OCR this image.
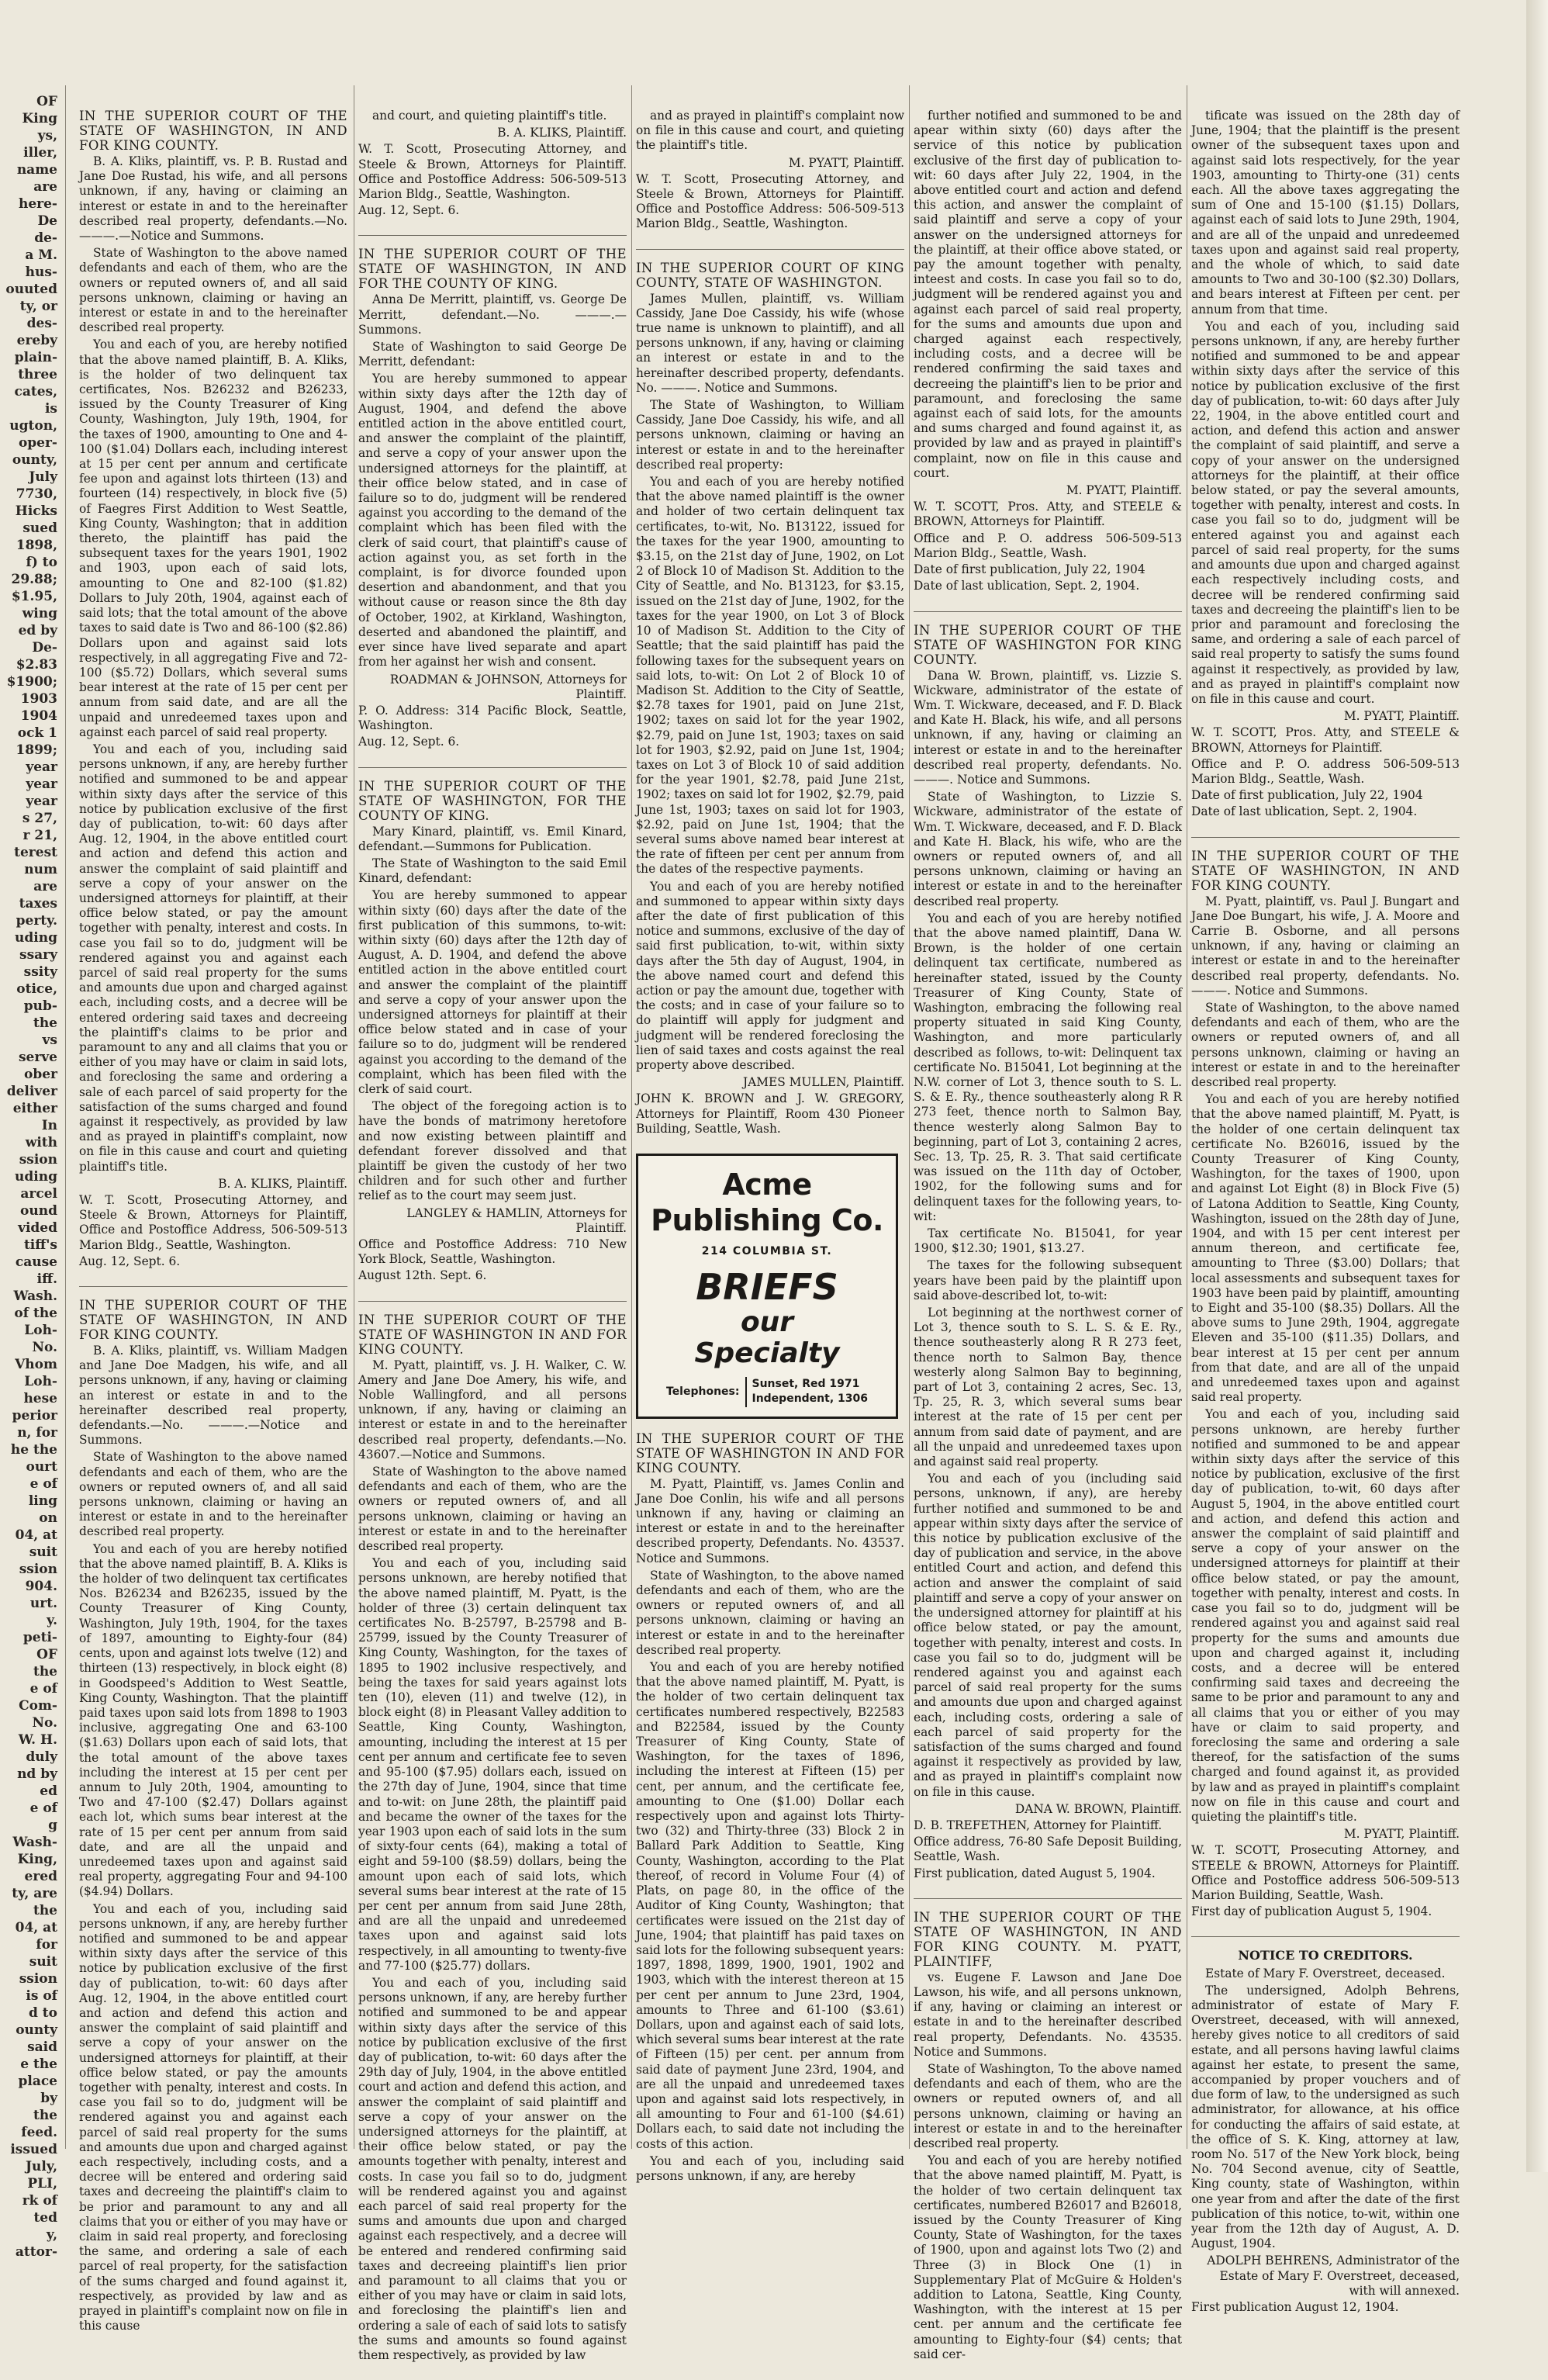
OF
King
ys,
iller,
name
are
here-
De
de-
a M.
hus-
ouuted
ty, or
des-
ereby
plain-
three
cates,
is
ugton,
oper-
ounty,
July
7730,
Hicks
sued
1898,
f) to
29.88;
$1.95,
wing
ed by
De-
$2.83
$1900;
1903
1904
ock 1
1899;
year
year
year
s 27,
r 21,
terest
num
are
taxes
perty.
uding
ssary
ssity
otice,
pub-
the
vs
serve
ober
deliver
either
In
with
ssion
uding
arcel
ound
vided
tiff's
cause
iff.
Wash.
of the
Loh-
No.
Vhom
Loh-
hese
perior
n, for
he the
ourt
e of
ling
on
04, at
suit
ssion
904.
urt.
y.
peti-
OF
the
e of
Com-
No.
W. H.
duly
nd by
ed
e of
g
Wash-
King,
ered
ty, are
the
04, at
for
suit
ssion
is of
d to
ounty
said
e the
place
by
the
feed.
issued
July,
PLI,
rk of
ted
y,
attor-
IN THE SUPERIOR COURT OF THE STATE OF WASHINGTON, IN AND FOR KING COUNTY.

B. A. Kliks, plaintiff, vs. P. B. Rustad and Jane Doe Rustad, his wife, and all persons unknown, if any, having or claiming an interest or estate in and to the hereinafter described real property, defendants.—No. ———.—Notice and Summons.

State of Washington to the above named defendants and each of them, who are the owners or reputed owners of, and all said persons unknown, claiming or having an interest or estate in and to the hereinafter described real property.

You and each of you, are hereby notified that the above named plaintiff, B. A. Kliks, is the holder of two delinquent tax certificates, Nos. B26232 and B26233, issued by the County Treasurer of King County, Washington, July 19th, 1904, for the taxes of 1900, amounting to One and 4-100 ($1.04) Dollars each, including interest at 15 per cent per annum and certificate fee upon and against lots thirteen (13) and fourteen (14) respectively, in block five (5) of Faegres First Addition to West Seattle, King County, Washington; that in addition thereto, the plaintiff has paid the subsequent taxes for the years 1901, 1902 and 1903, upon each of said lots, amounting to One and 82-100 ($1.82) Dollars to July 20th, 1904, against each of said lots; that the total amount of the above taxes to said date is Two and 86-100 ($2.86) Dollars upon and against said lots respectively, in all aggregating Five and 72-100 ($5.72) Dollars, which several sums bear interest at the rate of 15 per cent per annum from said date, and are all the unpaid and unredeemed taxes upon and against each parcel of said real property.

You and each of you, including said persons unknown, if any, are hereby further notified and summoned to be and appear within sixty days after the service of this notice by publication exclusive of the first day of publication, to-wit: 60 days after Aug. 12, 1904, in the above entitled court and action and defend this action and answer the complaint of said plaintiff and serve a copy of your answer on the undersigned attorneys for plaintiff, at their office below stated, or pay the amount together with penalty, interest and costs. In case you fail so to do, judgment will be rendered against you and against each parcel of said real property for the sums and amounts due upon and charged against each, including costs, and a decree will be entered ordering said taxes and decreeing the plaintiff's claims to be prior and paramount to any and all claims that you or either of you may have or claim in said lots, and foreclosing the same and ordering a sale of each parcel of said property for the satisfaction of the sums charged and found against it respectively, as provided by law and as prayed in plaintiff's complaint, now on file in this cause and court and quieting plaintiff's title.

B. A. KLIKS, Plaintiff.

W. T. Scott, Prosecuting Attorney, and Steele & Brown, Attorneys for Plaintiff, Office and Postoffice Address, 506-509-513 Marion Bldg., Seattle, Washington.

Aug. 12, Sept. 6.

IN THE SUPERIOR COURT OF THE STATE OF WASHINGTON, IN AND FOR KING COUNTY.

B. A. Kliks, plaintiff, vs. William Madgen and Jane Doe Madgen, his wife, and all persons unknown, if any, having or claiming an interest or estate in and to the hereinafter described real property, defendants.—No. ———.—Notice and Summons.

State of Washington to the above named defendants and each of them, who are the owners or reputed owners of, and all said persons unknown, claiming or having an interest or estate in and to the hereinafter described real property.

You and each of you are hereby notified that the above named plaintiff, B. A. Kliks is the holder of two delinquent tax certificates Nos. B26234 and B26235, issued by the County Treasurer of King County, Washington, July 19th, 1904, for the taxes of 1897, amounting to Eighty-four (84) cents, upon and against lots twelve (12) and thirteen (13) respectively, in block eight (8) in Goodspeed's Addition to West Seattle, King County, Washington. That the plaintiff paid taxes upon said lots from 1898 to 1903 inclusive, aggregating One and 63-100 ($1.63) Dollars upon each of said lots, that the total amount of the above taxes including the interest at 15 per cent per annum to July 20th, 1904, amounting to Two and 47-100 ($2.47) Dollars against each lot, which sums bear interest at the rate of 15 per cent per annum from said date, and are all the unpaid and unredeemed taxes upon and against said real property, aggregating Four and 94-100 ($4.94) Dollars.

You and each of you, including said persons unknown, if any, are hereby further notified and summoned to be and appear within sixty days after the service of this notice by publication exclusive of the first day of publication, to-wit: 60 days after Aug. 12, 1904, in the above entitled court and action and defend this action and answer the complaint of said plaintiff and serve a copy of your answer on the undersigned attorneys for plaintiff, at their office below stated, or pay the amounts together with penalty, interest and costs. In case you fail so to do, judgment will be rendered against you and against each parcel of said real property for the sums and amounts due upon and charged against each respectively, including costs, and a decree will be entered and ordering said taxes and decreeing the plaintiff's claim to be prior and paramount to any and all claims that you or either of you may have or claim in said real property, and foreclosing the same, and ordering a sale of each parcel of real property, for the satisfaction of the sums charged and found against it, respectively, as provided by law and as prayed in plaintiff's complaint now on file in this cause

and court, and quieting plaintiff's title.

B. A. KLIKS, Plaintiff.

W. T. Scott, Prosecuting Attorney, and Steele & Brown, Attorneys for Plaintiff. Office and Postoffice Address: 506-509-513 Marion Bldg., Seattle, Washington.

Aug. 12, Sept. 6.

IN THE SUPERIOR COURT OF THE STATE OF WASHINGTON, IN AND FOR THE COUNTY OF KING.

Anna De Merritt, plaintiff, vs. George De Merritt, defendant.—No. ———.—Summons.

State of Washington to said George De Merritt, defendant:

You are hereby summoned to appear within sixty days after the 12th day of August, 1904, and defend the above entitled action in the above entitled court, and answer the complaint of the plaintiff, and serve a copy of your answer upon the undersigned attorneys for the plaintiff, at their office below stated, and in case of failure so to do, judgment will be rendered against you according to the demand of the complaint which has been filed with the clerk of said court, that plaintiff's cause of action against you, as set forth in the complaint, is for divorce founded upon desertion and abandonment, and that you without cause or reason since the 8th day of October, 1902, at Kirkland, Washington, deserted and abandoned the plaintiff, and ever since have lived separate and apart from her against her wish and consent.

ROADMAN & JOHNSON, Attorneys for Plaintiff.

P. O. Address: 314 Pacific Block, Seattle, Washington.

Aug. 12, Sept. 6.

IN THE SUPERIOR COURT OF THE STATE OF WASHINGTON, FOR THE COUNTY OF KING.

Mary Kinard, plaintiff, vs. Emil Kinard, defendant.—Summons for Publication.

The State of Washington to the said Emil Kinard, defendant:

You are hereby summoned to appear within sixty (60) days after the date of the first publication of this summons, to-wit: within sixty (60) days after the 12th day of August, A. D. 1904, and defend the above entitled action in the above entitled court and answer the complaint of the plaintiff and serve a copy of your answer upon the undersigned attorneys for plaintiff at their office below stated and in case of your failure so to do, judgment will be rendered against you according to the demand of the complaint, which has been filed with the clerk of said court.

The object of the foregoing action is to have the bonds of matrimony heretofore and now existing between plaintiff and defendant forever dissolved and that plaintiff be given the custody of her two children and for such other and further relief as to the court may seem just.

LANGLEY & HAMLIN, Attorneys for Plaintiff.

Office and Postoffice Address: 710 New York Block, Seattle, Washington.

August 12th. Sept. 6.

IN THE SUPERIOR COURT OF THE STATE OF WASHINGTON IN AND FOR KING COUNTY.

M. Pyatt, plaintiff, vs. J. H. Walker, C. W. Amery and Jane Doe Amery, his wife, and Noble Wallingford, and all persons unknown, if any, having or claiming an interest or estate in and to the hereinafter described real property, defendants.—No. 43607.—Notice and Summons.

State of Washington to the above named defendants and each of them, who are the owners or reputed owners of, and all persons unknown, claiming or having an interest or estate in and to the hereinafter described real property.

You and each of you, including said persons unknown, are hereby notified that the above named plaintiff, M. Pyatt, is the holder of three (3) certain delinquent tax certificates No. B-25797, B-25798 and B-25799, issued by the County Treasurer of King County, Washington, for the taxes of 1895 to 1902 inclusive respectively, and being the taxes for said years against lots ten (10), eleven (11) and twelve (12), in block eight (8) in Pleasant Valley addition to Seattle, King County, Washington, amounting, including the interest at 15 per cent per annum and certificate fee to seven and 95-100 ($7.95) dollars each, issued on the 27th day of June, 1904, since that time and to-wit: on June 28th, the plaintiff paid and became the owner of the taxes for the year 1903 upon each of said lots in the sum of sixty-four cents (64), making a total of eight and 59-100 ($8.59) dollars, being the amount upon each of said lots, which several sums bear interest at the rate of 15 per cent per annum from said June 28th, and are all the unpaid and unredeemed taxes upon and against said lots respectively, in all amounting to twenty-five and 77-100 ($25.77) dollars.

You and each of you, including said persons unknown, if any, are hereby further notified and summoned to be and appear within sixty days after the service of this notice by publication exclusive of the first day of publication, to-wit: 60 days after the 29th day of July, 1904, in the above entitled court and action and defend this action, and answer the complaint of said plaintiff and serve a copy of your answer on the undersigned attorneys for the plaintiff, at their office below stated, or pay the amounts together with penalty, interest and costs. In case you fail so to do, judgment will be rendered against you and against each parcel of said real property for the sums and amounts due upon and charged against each respectively, and a decree will be entered and rendered confirming said taxes and decreeing plaintiff's lien prior and paramount to all claims that you or either of you may have or claim in said lots, and foreclosing the plaintiff's lien and ordering a sale of each of said lots to satisfy the sums and amounts so found against them respectively, as provided by law

and as prayed in plaintiff's complaint now on file in this cause and court, and quieting the plaintiff's title.

M. PYATT, Plaintiff.

W. T. Scott, Prosecuting Attorney, and Steele & Brown, Attorneys for Plaintiff. Office and Postoffice Address: 506-509-513 Marion Bldg., Seattle, Washington.

IN THE SUPERIOR COURT OF KING COUNTY, STATE OF WASHINGTON.

James Mullen, plaintiff, vs. William Cassidy, Jane Doe Cassidy, his wife (whose true name is unknown to plaintiff), and all persons unknown, if any, having or claiming an interest or estate in and to the hereinafter described property, defendants. No. ———. Notice and Summons.

The State of Washington, to William Cassidy, Jane Doe Cassidy, his wife, and all persons unknown, claiming or having an interest or estate in and to the hereinafter described real property:

You and each of you are hereby notified that the above named plaintiff is the owner and holder of two certain delinquent tax certificates, to-wit, No. B13122, issued for the taxes for the year 1900, amounting to $3.15, on the 21st day of June, 1902, on Lot 2 of Block 10 of Madison St. Addition to the City of Seattle, and No. B13123, for $3.15, issued on the 21st day of June, 1902, for the taxes for the year 1900, on Lot 3 of Block 10 of Madison St. Addition to the City of Seattle; that the said plaintiff has paid the following taxes for the subsequent years on said lots, to-wit: On Lot 2 of Block 10 of Madison St. Addition to the City of Seattle, $2.78 taxes for 1901, paid on June 21st, 1902; taxes on said lot for the year 1902, $2.79, paid on June 1st, 1903; taxes on said lot for 1903, $2.92, paid on June 1st, 1904; taxes on Lot 3 of Block 10 of said addition for the year 1901, $2.78, paid June 21st, 1902; taxes on said lot for 1902, $2.79, paid June 1st, 1903; taxes on said lot for 1903, $2.92, paid on June 1st, 1904; that the several sums above named bear interest at the rate of fifteen per cent per annum from the dates of the respective payments.

You and each of you are hereby notified and summoned to appear within sixty days after the date of first publication of this notice and summons, exclusive of the day of said first publication, to-wit, within sixty days after the 5th day of August, 1904, in the above named court and defend this action or pay the amount due, together with the costs; and in case of your failure so to do plaintiff will apply for judgment and judgment will be rendered foreclosing the lien of said taxes and costs against the real property above described.

JAMES MULLEN, Plaintiff.

JOHN K. BROWN and J. W. GREGORY, Attorneys for Plaintiff, Room 430 Pioneer Building, Seattle, Wash.

Acme Publishing Co.
214 COLUMBIA ST.
BRIEFS
our
Specialty
Telephones:
Sunset, Red 1971
Independent, 1306
IN THE SUPERIOR COURT OF THE STATE OF WASHINGTON IN AND FOR KING COUNTY.

M. Pyatt, Plaintiff, vs. James Conlin and Jane Doe Conlin, his wife and all persons unknown if any, having or claiming an interest or estate in and to the hereinafter described property, Defendants. No. 43537. Notice and Summons.

State of Washington, to the above named defendants and each of them, who are the owners or reputed owners of, and all persons unknown, claiming or having an interest or estate in and to the hereinafter described real property.

You and each of you are hereby notified that the above named plaintiff, M. Pyatt, is the holder of two certain delinquent tax certificates numbered respectively, B22583 and B22584, issued by the County Treasurer of King County, State of Washington, for the taxes of 1896, including the interest at Fifteen (15) per cent, per annum, and the certificate fee, amounting to One ($1.00) Dollar each respectively upon and against lots Thirty-two (32) and Thirty-three (33) Block 2 in Ballard Park Addition to Seattle, King County, Washington, according to the Plat thereof, of record in Volume Four (4) of Plats, on page 80, in the office of the Auditor of King County, Washington; that certificates were issued on the 21st day of June, 1904; that plaintiff has paid taxes on said lots for the following subsequent years: 1897, 1898, 1899, 1900, 1901, 1902 and 1903, which with the interest thereon at 15 per cent per annum to June 23rd, 1904, amounts to Three and 61-100 ($3.61) Dollars, upon and against each of said lots, which several sums bear interest at the rate of Fifteen (15) per cent. per annum from said date of payment June 23rd, 1904, and are all the unpaid and unredeemed taxes upon and against said lots respectively, in all amounting to Four and 61-100 ($4.61) Dollars each, to said date not including the costs of this action.

You and each of you, including said persons unknown, if any, are hereby

further notified and summoned to be and apear within sixty (60) days after the service of this notice by publication exclusive of the first day of publication to-wit: 60 days after July 22, 1904, in the above entitled court and action and defend this action, and answer the complaint of said plaintiff and serve a copy of your answer on the undersigned attorneys for the plaintiff, at their office above stated, or pay the amount together with penalty, inteest and costs. In case you fail so to do, judgment will be rendered against you and against each parcel of said real property, for the sums and amounts due upon and charged against each respectively, including costs, and a decree will be rendered confirming the said taxes and decreeing the plaintiff's lien to be prior and paramount, and foreclosing the same against each of said lots, for the amounts and sums charged and found against it, as provided by law and as prayed in plaintiff's complaint, now on file in this cause and court.

M. PYATT, Plaintiff.

W. T. SCOTT, Pros. Atty, and STEELE & BROWN, Attorneys for Plaintiff.

Office and P. O. address 506-509-513 Marion Bldg., Seattle, Wash.

Date of first publication, July 22, 1904

Date of last ublication, Sept. 2, 1904.

IN THE SUPERIOR COURT OF THE STATE OF WASHINGTON FOR KING COUNTY.

Dana W. Brown, plaintiff, vs. Lizzie S. Wickware, administrator of the estate of Wm. T. Wickware, deceased, and F. D. Black and Kate H. Black, his wife, and all persons unknown, if any, having or claiming an interest or estate in and to the hereinafter described real property, defendants. No. ———. Notice and Summons.

State of Washington, to Lizzie S. Wickware, administrator of the estate of Wm. T. Wickware, deceased, and F. D. Black and Kate H. Black, his wife, who are the owners or reputed owners of, and all persons unknown, claiming or having an interest or estate in and to the hereinafter described real property.

You and each of you are hereby notified that the above named plaintiff, Dana W. Brown, is the holder of one certain delinquent tax certificate, numbered as hereinafter stated, issued by the County Treasurer of King County, State of Washington, embracing the following real property situated in said King County, Washington, and more particularly described as follows, to-wit: Delinquent tax certificate No. B15041, Lot beginning at the N.W. corner of Lot 3, thence south to S. L. S. & E. Ry., thence southeasterly along R R 273 feet, thence north to Salmon Bay, thence westerly along Salmon Bay to beginning, part of Lot 3, containing 2 acres, Sec. 13, Tp. 25, R. 3. That said certificate was issued on the 11th day of October, 1902, for the following sums and for delinquent taxes for the following years, to-wit:

Tax certificate No. B15041, for year 1900, $12.30; 1901, $13.27.

The taxes for the following subsequent years have been paid by the plaintiff upon said above-described lot, to-wit:

Lot beginning at the northwest corner of Lot 3, thence south to S. L. S. & E. Ry., thence southeasterly along R R 273 feet, thence north to Salmon Bay, thence westerly along Salmon Bay to beginning, part of Lot 3, containing 2 acres, Sec. 13, Tp. 25, R. 3, which several sums bear interest at the rate of 15 per cent per annum from said date of payment, and are all the unpaid and unredeemed taxes upon and against said real property.

You and each of you (including said persons, unknown, if any), are hereby further notified and summoned to be and appear within sixty days after the service of this notice by publication exclusive of the day of publication and service, in the above entitled Court and action, and defend this action and answer the complaint of said plaintiff and serve a copy of your answer on the undersigned attorney for plaintiff at his office below stated, or pay the amount, together with penalty, interest and costs. In case you fail so to do, judgment will be rendered against you and against each parcel of said real property for the sums and amounts due upon and charged against each, including costs, ordering a sale of each parcel of said property for the satisfaction of the sums charged and found against it respectively as provided by law, and as prayed in plaintiff's complaint now on file in this cause.

DANA W. BROWN, Plaintiff.

D. B. TREFETHEN, Attorney for Plaintiff.

Office address, 76-80 Safe Deposit Building, Seattle, Wash.

First publication, dated August 5, 1904.

IN THE SUPERIOR COURT OF THE STATE OF WASHINGTON, IN AND FOR KING COUNTY. M. PYATT, PLAINTIFF,

vs. Eugene F. Lawson and Jane Doe Lawson, his wife, and all persons unknown, if any, having or claiming an interest or estate in and to the hereinafter described real property, Defendants. No. 43535. Notice and Summons.

State of Washington, To the above named defendants and each of them, who are the owners or reputed owners of, and all persons unknown, claiming or having an interest or estate in and to the hereinafter described real property.

You and each of you are hereby notified that the above named plaintiff, M. Pyatt, is the holder of two certain delinquent tax certificates, numbered B26017 and B26018, issued by the County Treasurer of King County, State of Washington, for the taxes of 1900, upon and against lots Two (2) and Three (3) in Block One (1) in Supplementary Plat of McGuire & Holden's addition to Latona, Seattle, King County, Washington, with the interest at 15 per cent. per annum and the certificate fee amounting to Eighty-four ($4) cents; that said cer-

tificate was issued on the 28th day of June, 1904; that the plaintiff is the present owner of the subsequent taxes upon and against said lots respectively, for the year 1903, amounting to Thirty-one (31) cents each. All the above taxes aggregating the sum of One and 15-100 ($1.15) Dollars, against each of said lots to June 29th, 1904, and are all of the unpaid and unredeemed taxes upon and against said real property, and the whole of which, to said date amounts to Two and 30-100 ($2.30) Dollars, and bears interest at Fifteen per cent. per annum from that time.

You and each of you, including said persons unknown, if any, are hereby further notified and summoned to be and appear within sixty days after the service of this notice by publication exclusive of the first day of publication, to-wit: 60 days after July 22, 1904, in the above entitled court and action, and defend this action and answer the complaint of said plaintiff, and serve a copy of your answer on the undersigned attorneys for the plaintiff, at their office below stated, or pay the several amounts, together with penalty, interest and costs. In case you fail so to do, judgment will be entered against you and against each parcel of said real property, for the sums and amounts due upon and charged against each respectively including costs, and decree will be rendered confirming said taxes and decreeing the plaintiff's lien to be prior and paramount and foreclosing the same, and ordering a sale of each parcel of said real property to satisfy the sums found against it respectively, as provided by law, and as prayed in plaintiff's complaint now on file in this cause and court.

M. PYATT, Plaintiff.

W. T. SCOTT, Pros. Atty, and STEELE & BROWN, Attorneys for Plaintiff.

Office and P. O. address 506-509-513 Marion Bldg., Seattle, Wash.

Date of first publication, July 22, 1904

Date of last ublication, Sept. 2, 1904.

IN THE SUPERIOR COURT OF THE STATE OF WASHINGTON, IN AND FOR KING COUNTY.

M. Pyatt, plaintiff, vs. Paul J. Bungart and Jane Doe Bungart, his wife, J. A. Moore and Carrie B. Osborne, and all persons unknown, if any, having or claiming an interest or estate in and to the hereinafter described real property, defendants. No. ———. Notice and Summons.

State of Washington, to the above named defendants and each of them, who are the owners or reputed owners of, and all persons unknown, claiming or having an interest or estate in and to the hereinafter described real property.

You and each of you are hereby notified that the above named plaintiff, M. Pyatt, is the holder of one certain delinquent tax certificate No. B26016, issued by the County Treasurer of King County, Washington, for the taxes of 1900, upon and against Lot Eight (8) in Block Five (5) of Latona Addition to Seattle, King County, Washington, issued on the 28th day of June, 1904, and with 15 per cent interest per annum thereon, and certificate fee, amounting to Three ($3.00) Dollars; that local assessments and subsequent taxes for 1903 have been paid by plaintiff, amounting to Eight and 35-100 ($8.35) Dollars. All the above sums to June 29th, 1904, aggregate Eleven and 35-100 ($11.35) Dollars, and bear interest at 15 per cent per annum from that date, and are all of the unpaid and unredeemed taxes upon and against said real property.

You and each of you, including said persons unknown, are hereby further notified and summoned to be and appear within sixty days after the service of this notice by publication, exclusive of the first day of publication, to-wit, 60 days after August 5, 1904, in the above entitled court and action, and defend this action and answer the complaint of said plaintiff and serve a copy of your answer on the undersigned attorneys for plaintiff at their office below stated, or pay the amount, together with penalty, interest and costs. In case you fail so to do, judgment will be rendered against you and against said real property for the sums and amounts due upon and charged against it, including costs, and a decree will be entered confirming said taxes and decreeing the same to be prior and paramount to any and all claims that you or either of you may have or claim to said property, and foreclosing the same and ordering a sale thereof, for the satisfaction of the sums charged and found against it, as provided by law and as prayed in plaintiff's complaint now on file in this cause and court and quieting the plaintiff's title.

M. PYATT, Plaintiff.

W. T. SCOTT, Prosecuting Attorney, and STEELE & BROWN, Attorneys for Plaintiff. Office and Postoffice address 506-509-513 Marion Building, Seattle, Wash.

First day of publication August 5, 1904.

NOTICE TO CREDITORS.

Estate of Mary F. Overstreet, deceased.

The undersigned, Adolph Behrens, administrator of estate of Mary F. Overstreet, deceased, with will annexed, hereby gives notice to all creditors of said estate, and all persons having lawful claims against her estate, to present the same, accompanied by proper vouchers and of due form of law, to the undersigned as such administrator, for allowance, at his office for conducting the affairs of said estate, at the office of S. K. King, attorney at law, room No. 517 of the New York block, being No. 704 Second avenue, city of Seattle, King county, state of Washington, within one year from and after the date of the first publication of this notice, to-wit, within one year from the 12th day of August, A. D. August, 1904.

ADOLPH BEHRENS, Administrator of the Estate of Mary F. Overstreet, deceased, with will annexed.

First publication August 12, 1904.
